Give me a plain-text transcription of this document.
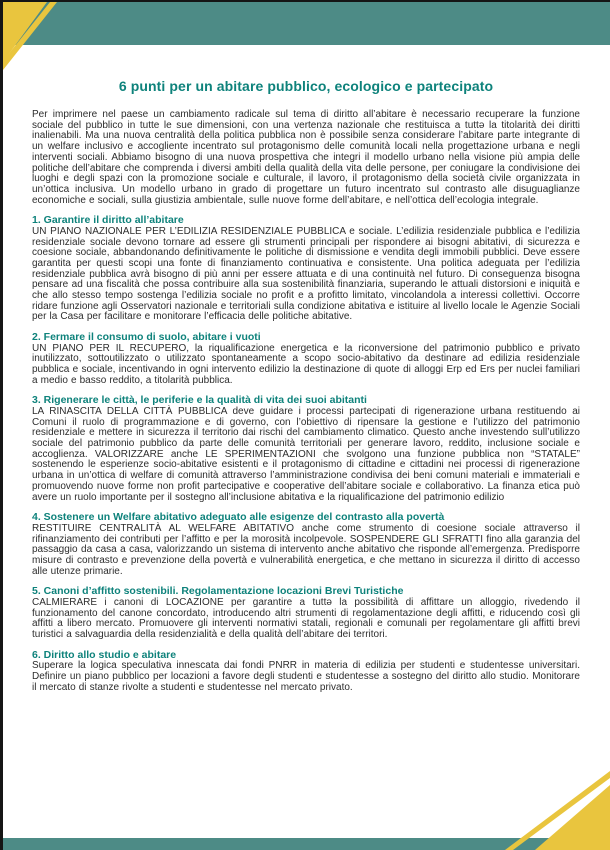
6 punti per un abitare pubblico, ecologico e partecipato

Per imprimere nel paese un cambiamento radicale sul tema di diritto all’abitare è necessario recuperare la funzione sociale del pubblico in tutte le sue dimensioni, con una vertenza nazionale che restituisca a tuttə la titolarità dei diritti inalienabili. Ma una nuova centralità della politica pubblica non è possibile senza considerare l’abitare parte integrante di un welfare inclusivo e accogliente incentrato sul protagonismo delle comunità locali nella progettazione urbana e negli interventi sociali. Abbiamo bisogno di una nuova prospettiva che integri il modello urbano nella visione più ampia delle politiche dell’abitare che comprenda i diversi ambiti della qualità della vita delle persone, per coniugare la condivisione dei luoghi e degli spazi con la promozione sociale e culturale, il lavoro, il protagonismo della società civile organizzata in un’ottica inclusiva. Un modello urbano in grado di progettare un futuro incentrato sul contrasto alle disuguaglianze economiche e sociali, sulla giustizia ambientale, sulle nuove forme dell’abitare, e nell’ottica dell’ecologia integrale.

1. Garantire il diritto all’abitare

UN PIANO NAZIONALE PER L’EDILIZIA RESIDENZIALE PUBBLICA e sociale. L’edilizia residenziale pubblica e l’edilizia residenziale sociale devono tornare ad essere gli strumenti principali per rispondere ai bisogni abitativi, di sicurezza e coesione sociale, abbandonando definitivamente le politiche di dismissione e vendita degli immobili pubblici. Deve essere garantita per questi scopi una fonte di finanziamento continuativa e consistente. Una politica adeguata per l’edilizia residenziale pubblica avrà bisogno di più anni per essere attuata e di una continuità nel futuro. Di conseguenza bisogna pensare ad una fiscalità che possa contribuire alla sua sostenibilità finanziaria, superando le attuali distorsioni e iniquità e che allo stesso tempo sostenga l’edilizia sociale no profit e a profitto limitato, vincolandola a interessi collettivi. Occorre ridare funzione agli Osservatori nazionale e territoriali sulla condizione abitativa e istituire al livello locale le Agenzie Sociali per la Casa per facilitare e monitorare l’efficacia delle politiche abitative.

2. Fermare il consumo di suolo, abitare i vuoti

UN PIANO PER IL RECUPERO, la riqualificazione energetica e la riconversione del patrimonio pubblico e privato inutilizzato, sottoutilizzato o utilizzato spontaneamente a scopo socio-abitativo da destinare ad edilizia residenziale pubblica e sociale, incentivando in ogni intervento edilizio la destinazione di quote di alloggi Erp ed Ers per nuclei familiari a medio e basso reddito, a titolarità pubblica.

3. Rigenerare le città, le periferie e la qualità di vita dei suoi abitanti

LA RINASCITA DELLA CITTÀ PUBBLICA deve guidare i processi partecipati di rigenerazione urbana restituendo ai Comuni il ruolo di programmazione e di governo, con l’obiettivo di ripensare la gestione e l’utilizzo del patrimonio residenziale e mettere in sicurezza il territorio dai rischi del cambiamento climatico. Questo anche investendo sull’utilizzo sociale del patrimonio pubblico da parte delle comunità territoriali per generare lavoro, reddito, inclusione sociale e accoglienza. VALORIZZARE anche LE SPERIMENTAZIONI che svolgono una funzione pubblica non “STATALE” sostenendo le esperienze socio-abitative esistenti e il protagonismo di cittadine e cittadini nei processi di rigenerazione urbana in un’ottica di welfare di comunità attraverso l’amministrazione condivisa dei beni comuni materiali e immateriali e promuovendo nuove forme non profit partecipative e cooperative dell’abitare sociale e collaborativo. La finanza etica può avere un ruolo importante per il sostegno all’inclusione abitativa e la riqualificazione del patrimonio edilizio

4. Sostenere un Welfare abitativo adeguato alle esigenze del contrasto alla povertà

RESTITUIRE CENTRALITÀ AL WELFARE ABITATIVO anche come strumento di coesione sociale attraverso il rifinanziamento dei contributi per l’affitto e per la morosità incolpevole. SOSPENDERE GLI SFRATTI fino alla garanzia del passaggio da casa a casa, valorizzando un sistema di intervento anche abitativo che risponde all’emergenza. Predisporre misure di contrasto e prevenzione della povertà e vulnerabilità energetica, e che mettano in sicurezza il diritto di accesso alle utenze primarie.

5. Canoni d’affitto sostenibili. Regolamentazione locazioni Brevi Turistiche

CALMIERARE i canoni di LOCAZIONE per garantire a tuttə la possibilità di affittare un alloggio, rivedendo il funzionamento del canone concordato, introducendo altri strumenti di regolamentazione degli affitti, e riducendo così gli affitti a libero mercato. Promuovere gli interventi normativi statali, regionali e comunali per regolamentare gli affitti brevi turistici a salvaguardia della residenzialità e della qualità dell’abitare dei territori.

6. Diritto allo studio e abitare

Superare la logica speculativa innescata dai fondi PNRR in materia di edilizia per studenti e studentesse universitari. Definire un piano pubblico per locazioni a favore degli studenti e studentesse a sostegno del diritto allo studio. Monitorare il mercato di stanze rivolte a studenti e studentesse nel mercato privato.
